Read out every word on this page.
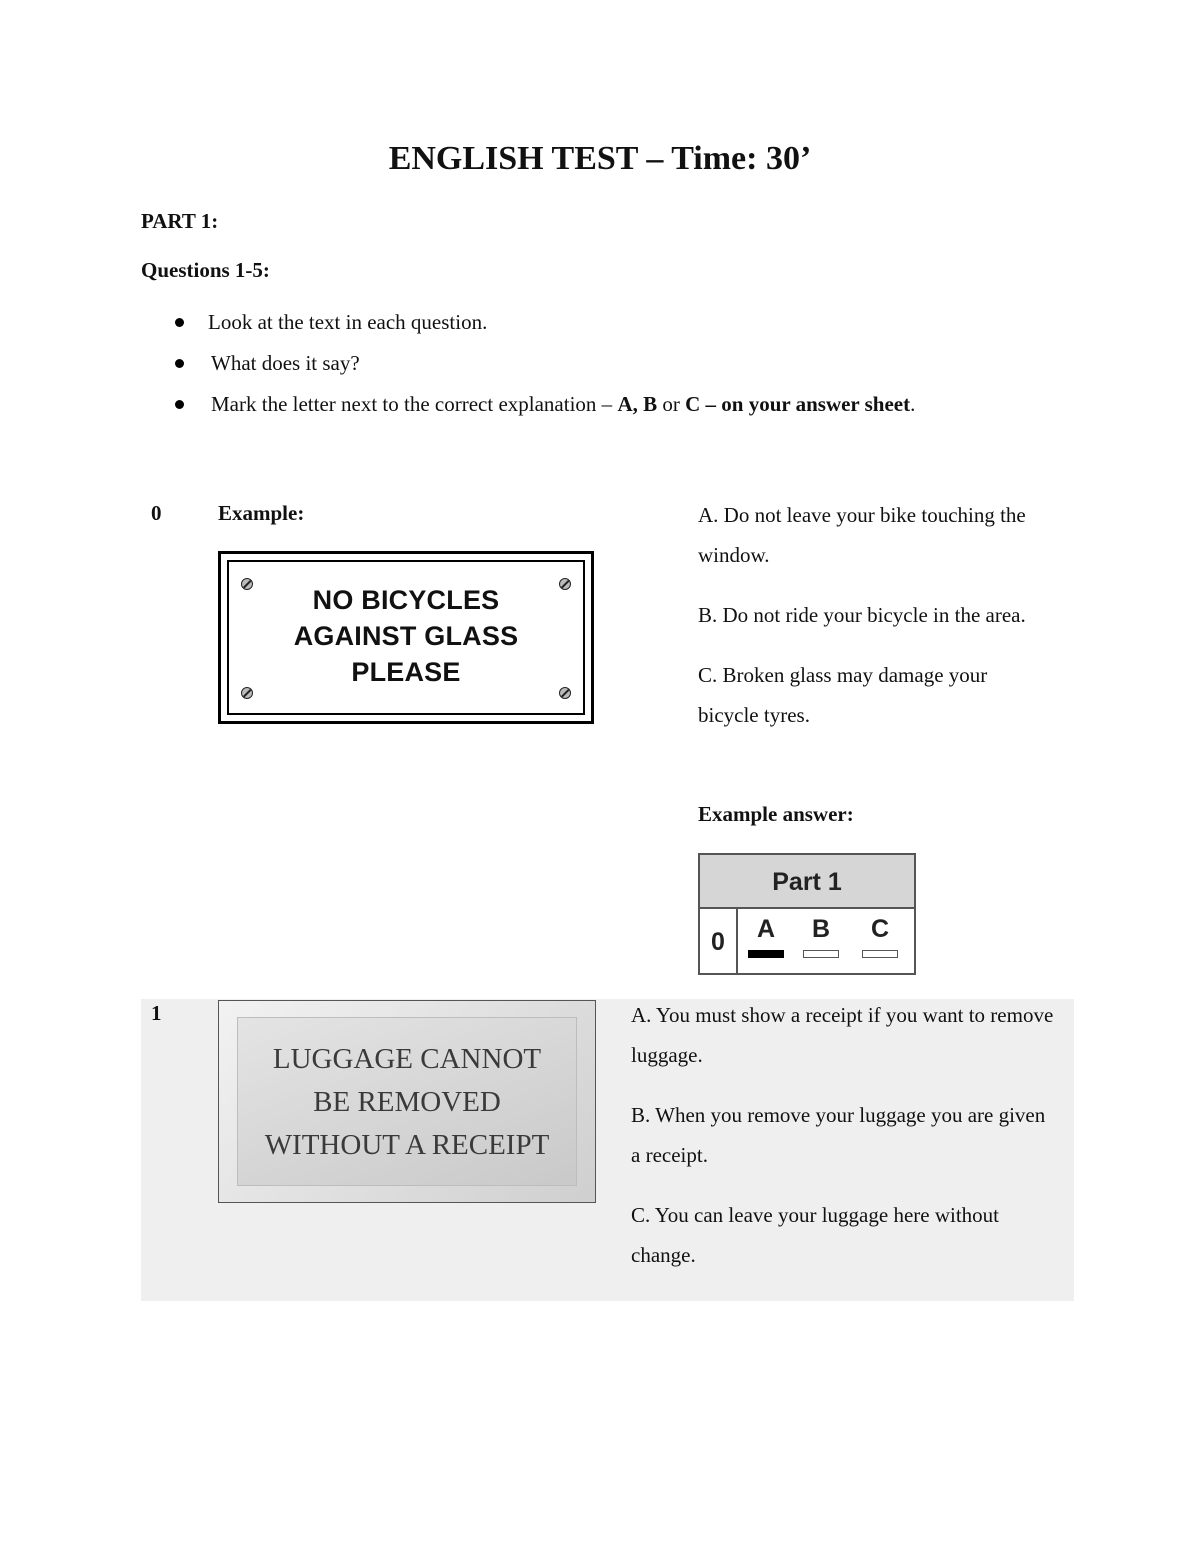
ENGLISH TEST – Time: 30’
PART 1:
Questions 1-5:
Look at the text in each question.
What does it say?
Mark the letter next to the correct explanation – A, B or C – on your answer sheet.
0	Example:
NO BICYCLES
AGAINST GLASS
PLEASE
A. Do not leave your bike touching the window.
B. Do not ride your bicycle in the area.
C. Broken glass may damage your bicycle tyres.
Example answer:
Part 1
0	A	B	C
1
LUGGAGE CANNOT
BE REMOVED
WITHOUT A RECEIPT
A. You must show a receipt if you want to remove luggage.
B. When you remove your luggage you are given a receipt.
C. You can leave your luggage here without change.
